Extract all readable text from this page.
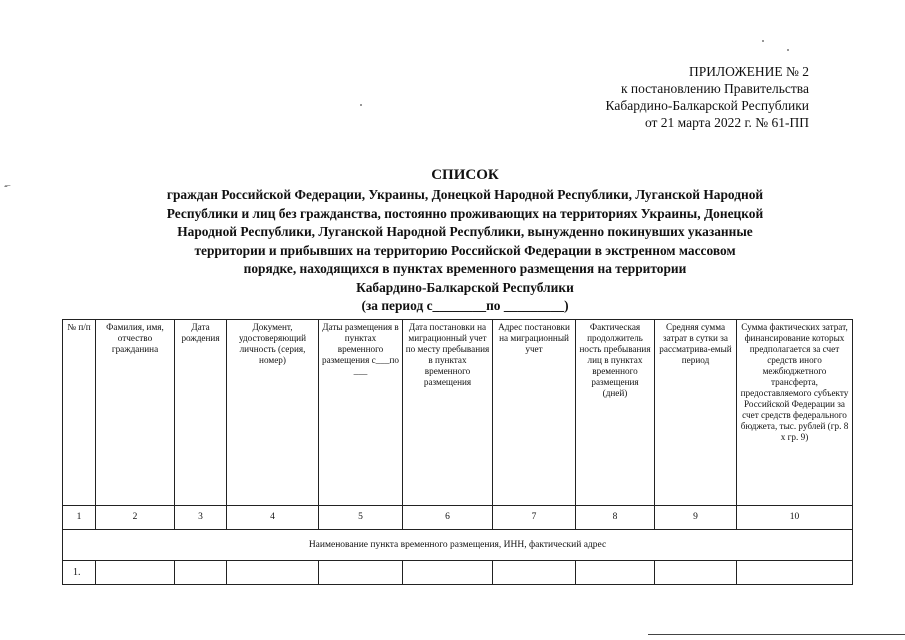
ПРИЛОЖЕНИЕ № 2
к постановлению Правительства
Кабардино-Балкарской Республики
от 21 марта 2022 г. № 61-ПП
-̶
СПИСОК
граждан Российской Федерации, Украины, Донецкой Народной Республики, Луганской Народной
Республики и лиц без гражданства, постоянно проживающих на территориях Украины, Донецкой
Народной Республики, Луганской Народной Республики, вынужденно покинувших указанные
территории и прибывших на территорию Российской Федерации в экстренном массовом
порядке, находящихся в пунктах временного размещения на территории
Кабардино-Балкарской Республики
(за период с________по _________)
№ п/п	Фамилия, имя, отчество гражданина	Дата рождения	Документ, удостоверяющий личность (серия, номер)	Даты размещения в пунктах временного размещения с___по ___	Дата постановки на миграционный учет по месту пребывания в пунктах временного размещения	Адрес постановки на миграционный учет	Фактическая продолжитель ность пребывания лиц в пунктах временного размещения (дней)	Средняя сумма затрат в сутки за рассматрива-емый период	Сумма фактических затрат, финансирование которых предполагается за счет средств иного межбюджетного трансферта, предоставляемого субъекту Российской Федерации за счет средств федерального бюджета, тыс. рублей (гр. 8 х гр. 9)
1	2	3	4	5	6	7	8	9	10
Наименование пункта временного размещения, ИНН, фактический адрес									
1.									
